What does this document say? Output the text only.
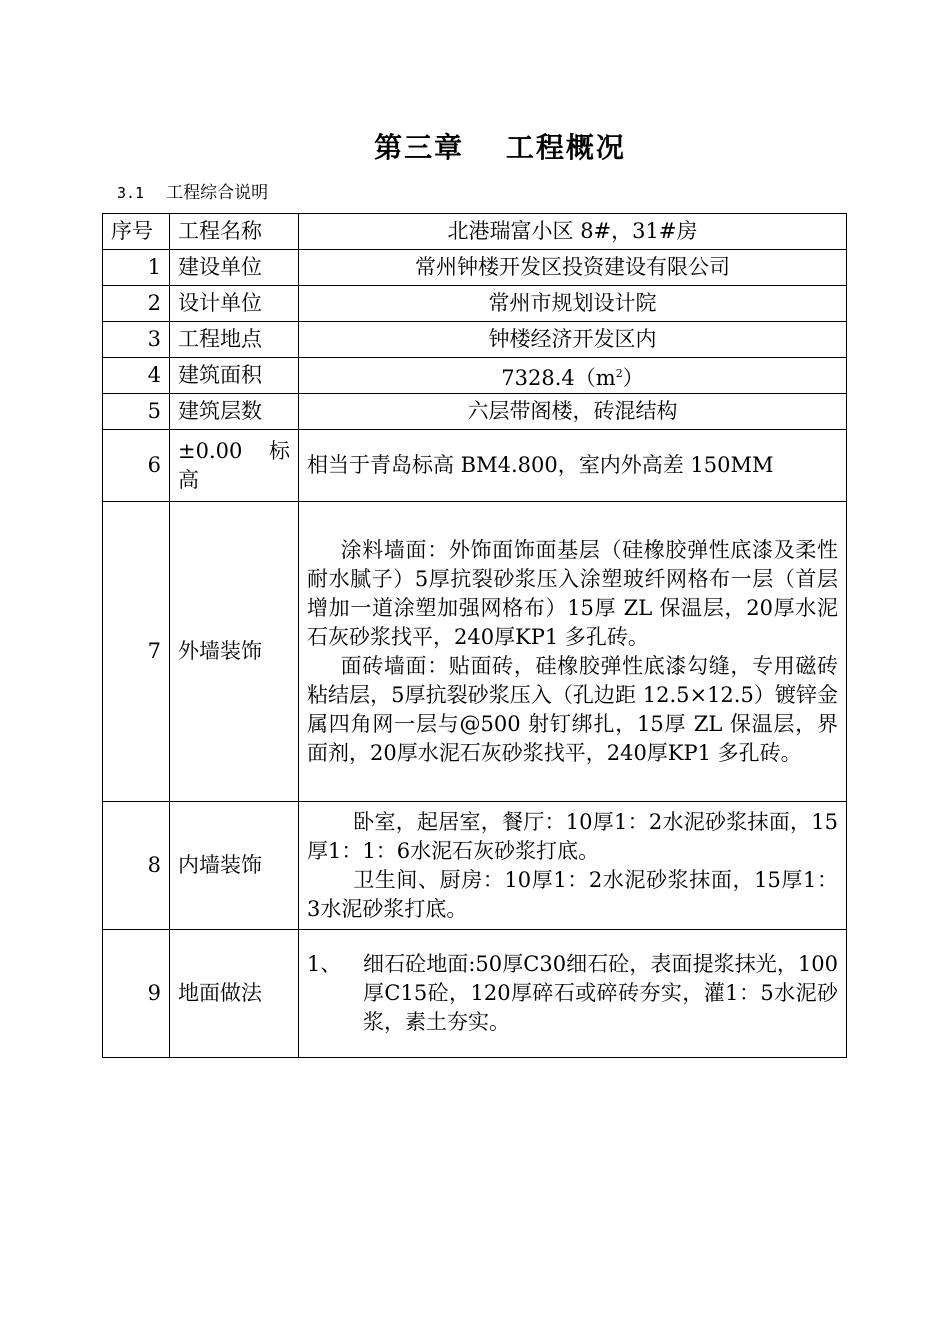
第三章　 工程概况
3.1 工程综合说明
序号	工程名称	北港瑞富小区 8#，31#房
1	建设单位	常州钟楼开发区投资建设有限公司
2	设计单位	常州市规划设计院
3	工程地点	钟楼经济开发区内
4	建筑面积	$7328.4(m^2)$
5	建筑层数	六层带阁楼，砖混结构
6	±0.00 标高	相当于青岛标高 BM4.800，室内外高差 150MM
7	外墙装饰	涂料墙面：外饰面饰面基层（硅橡胶弹性底漆及柔性耐水腻子）5厚抗裂砂浆压入涂塑玻纤网格布一层（首层增加一道涂塑加强网格布）15厚 ZL 保温层，20厚水泥石灰砂浆找平，240厚KP1 多孔砖。

面砖墙面：贴面砖，硅橡胶弹性底漆勾缝，专用磁砖粘结层，5厚抗裂砂浆压入（孔边距 12.5×12.5）镀锌金属四角网一层与@500 射钉绑扎，15厚 ZL 保温层，界面剂，20厚水泥石灰砂浆找平，240厚KP1 多孔砖。

8	内墙装饰	卧室，起居室，餐厅：10厚1：2水泥砂浆抹面，15厚1：1：6水泥石灰砂浆打底。

卫生间、厨房：10厚1：2水泥砂浆抹面，15厚1：3水泥砂浆打底。

9	地面做法	1、 细石砼地面:50厚C30细石砼，表面提浆抹光，100厚C15砼，120厚碎石或碎砖夯实，灌1：5水泥砂浆，素土夯实。
